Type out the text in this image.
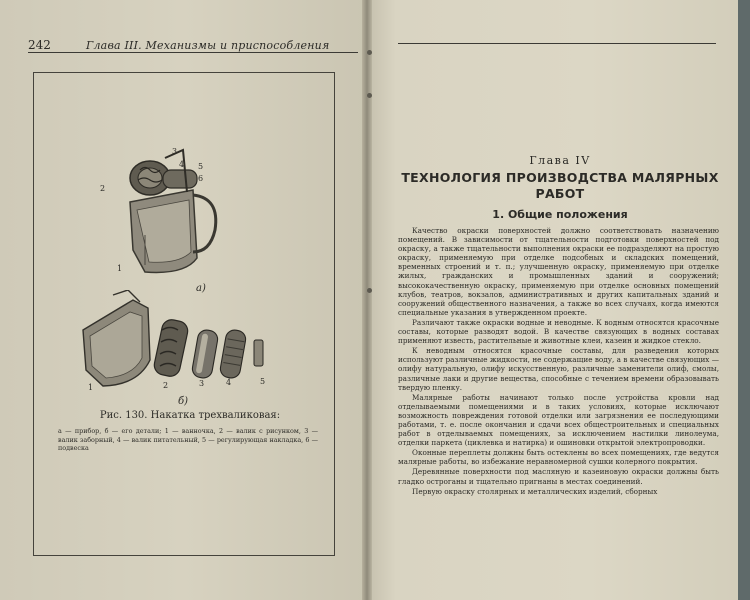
242	Глава III. Механизмы и приспособления
3
4 5
6
2
1
а)
1	2	3	4	5
б)
Рис. 130. Накатка трехваликовая:
а — прибор, б — его детали; 1 — ванночка, 2 — валик с рисунком, 3 — валик заборный, 4 — валик питательный, 5 — регулирующая накладка, 6 — подвеска
Глава IV
ТЕХНОЛОГИЯ ПРОИЗВОДСТВА МАЛЯРНЫХ
РАБОТ
1. Общие положения

Качество окраски поверхностей должно соответствовать назначению помещений. В зависимости от тщательности подготовки поверхностей под окраску, а также тщательности выполнения окраски ее подразделяют на простую окраску, применяемую при отделке подсобных и складских помещений, временных строений и т. п.; улучшенную окраску, применяемую при отделке жилых, гражданских и промышленных зданий и сооружений; высококачественную окраску, применяемую при отделке основных помещений клубов, театров, вокзалов, административных и других капитальных зданий и сооружений общественного назначения, а также во всех случаях, когда имеются специальные указания в утвержденном проекте.

Различают также окраски водные и неводные. К водным относятся красочные составы, которые разводят водой. В качестве связующих в водных составах применяют известь, растительные и животные клеи, казеин и жидкое стекло.

К неводным относятся красочные составы, для разведения которых используют различные жидкости, не содержащие воду, а в качестве связующих — олифу натуральную, олифу искусственную, различные заменители олиф, смолы, различные лаки и другие вещества, способные с течением времени образовывать твердую пленку.

Малярные работы начинают только после устройства кровли над отделываемыми помещениями и в таких условиях, которые исключают возможность повреждения готовой отделки или загрязнения ее последующими работами, т. е. после окончания и сдачи всех общестроительных и специальных работ в отделываемых помещениях, за исключением настилки линолеума, отделки паркета (циклевка и натирка) и ошиновки открытой электропроводки.

Оконные переплеты должны быть остеклены во всех помещениях, где ведутся малярные работы, во избежание неравномерной сушки колерного покрытия.

Деревянные поверхности под масляную и казеиновую окраски должны быть гладко остроганы и тщательно пригнаны в местах соединений.

Первую окраску столярных и металлических изделий, сборных
